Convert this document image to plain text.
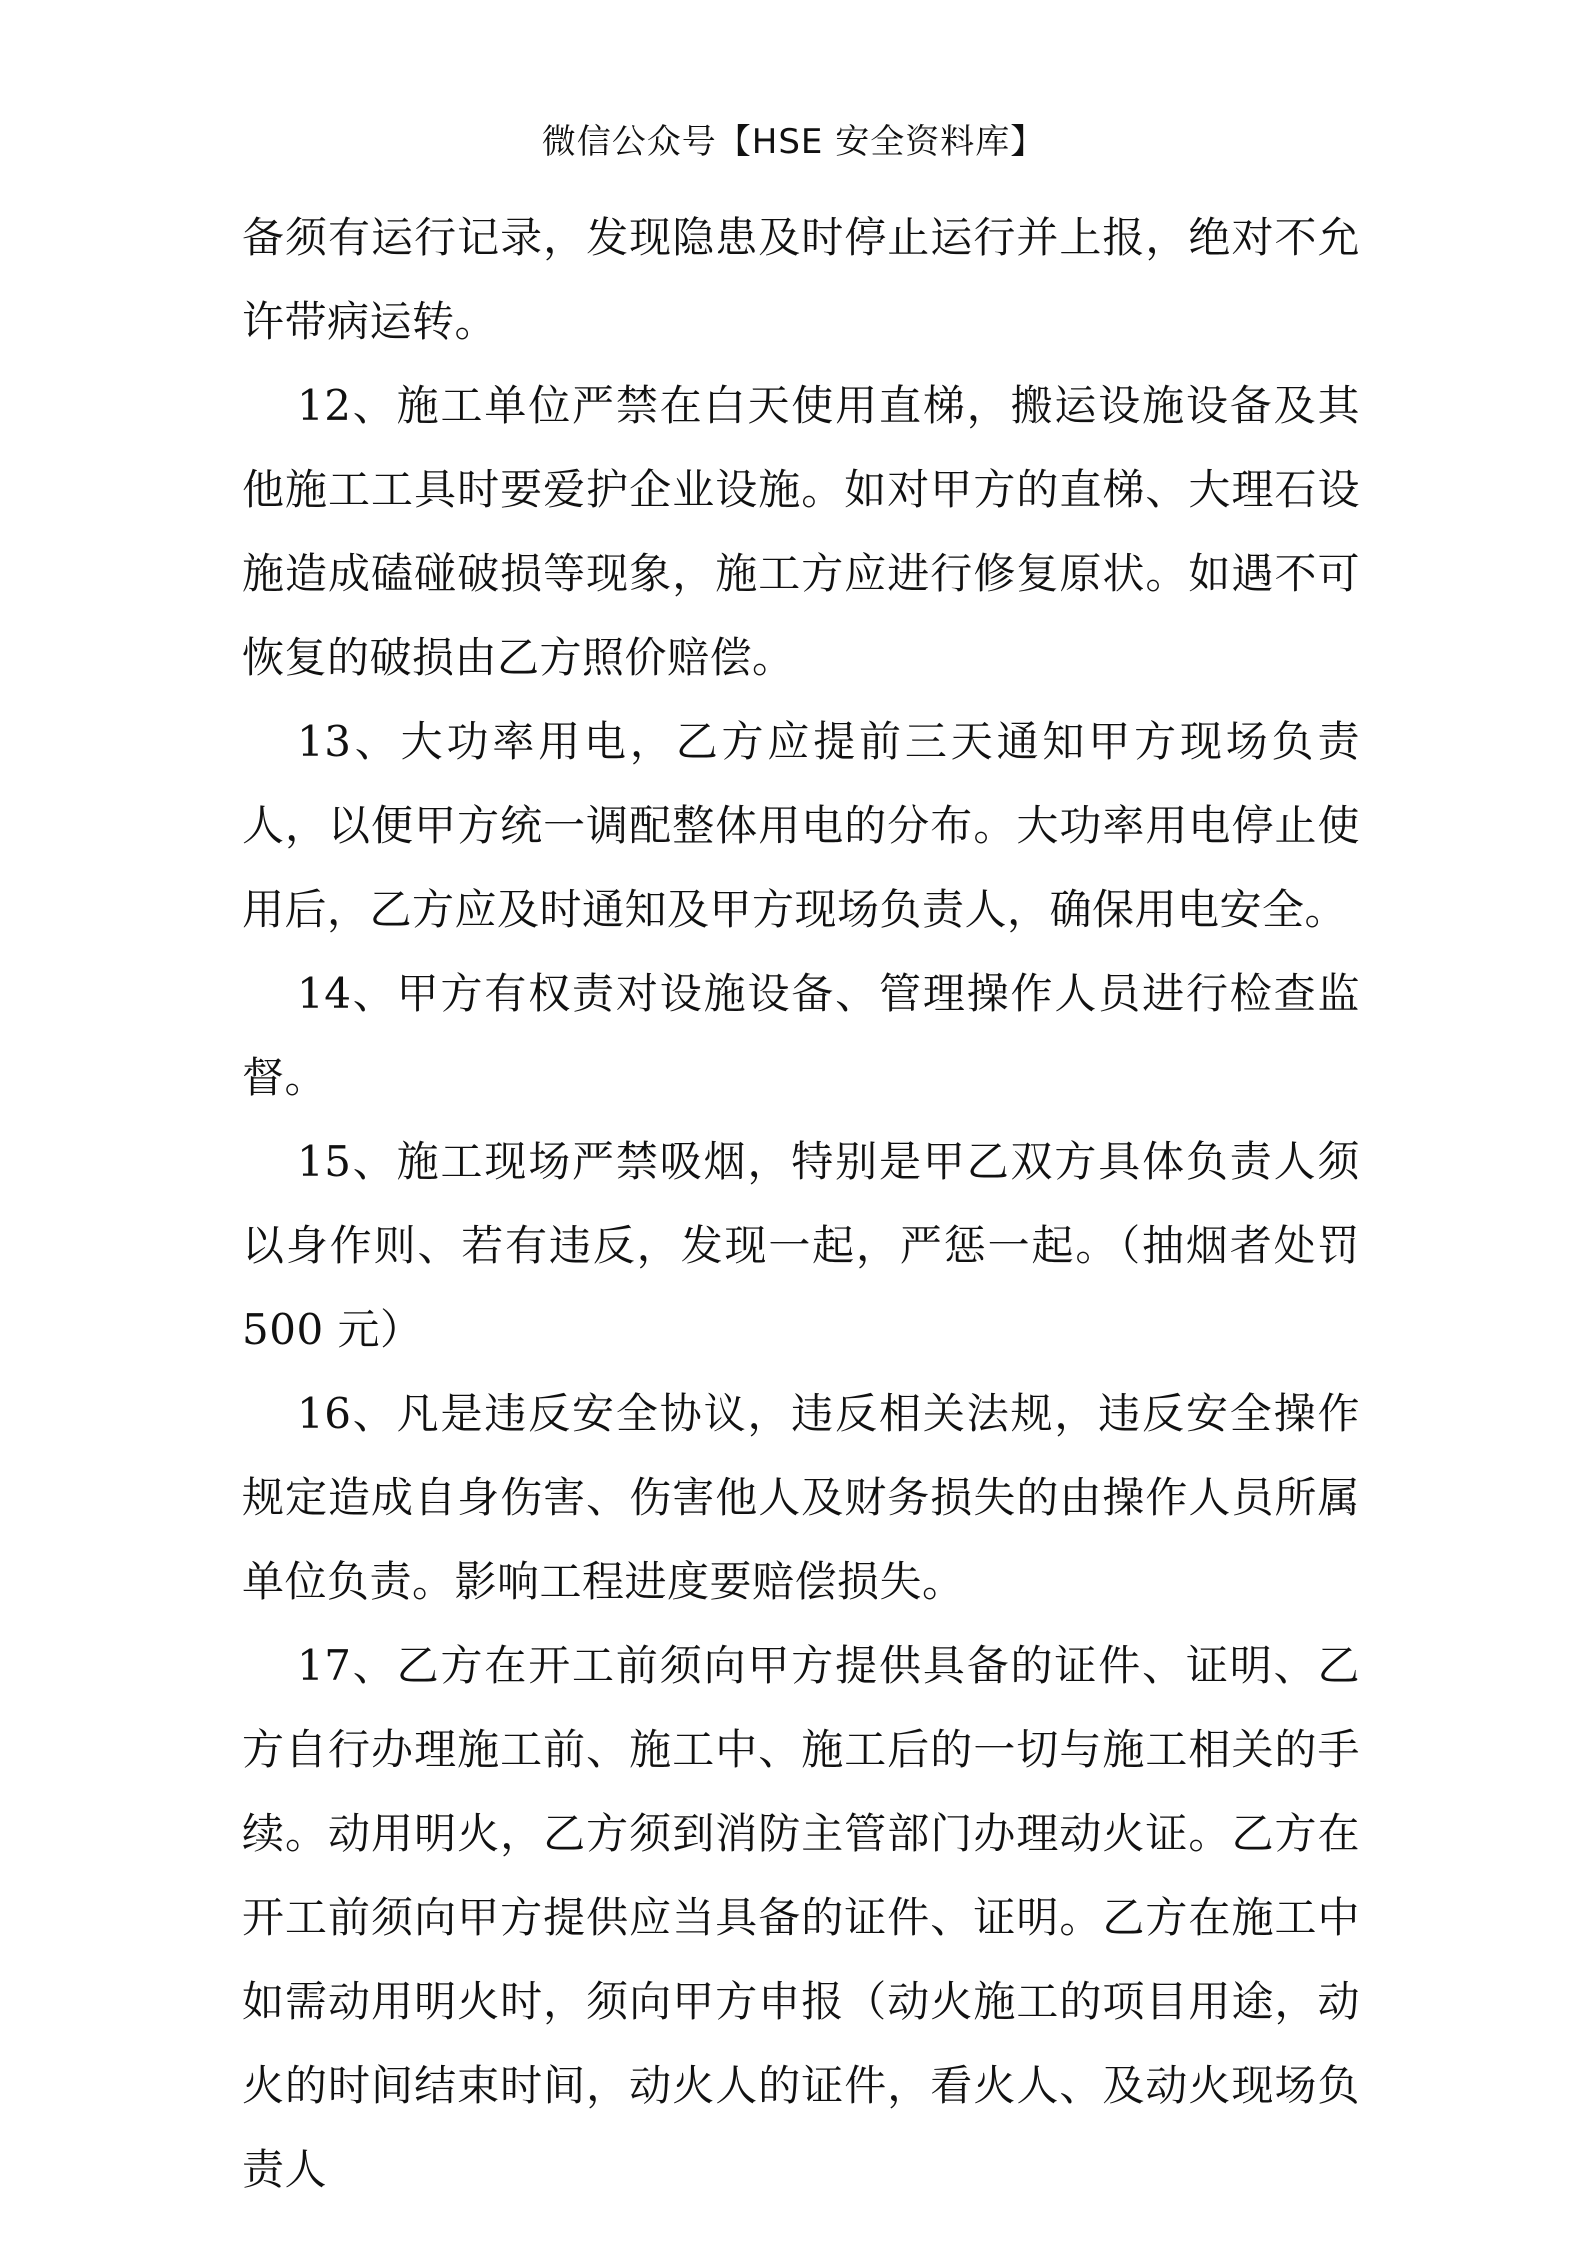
微信公众号【HSE 安全资料库】

备须有运行记录，发现隐患及时停止运行并上报，绝对不允许带病运转。

12、施工单位严禁在白天使用直梯，搬运设施设备及其他施工工具时要爱护企业设施。如对甲方的直梯、大理石设施造成磕碰破损等现象，施工方应进行修复原状。如遇不可恢复的破损由乙方照价赔偿。

13、大功率用电，乙方应提前三天通知甲方现场负责人，以便甲方统一调配整体用电的分布。大功率用电停止使用后，乙方应及时通知及甲方现场负责人，确保用电安全。

14、甲方有权责对设施设备、管理操作人员进行检查监督。

15、施工现场严禁吸烟，特别是甲乙双方具体负责人须以身作则、若有违反，发现一起，严惩一起。（抽烟者处罚 500 元）

16、凡是违反安全协议，违反相关法规，违反安全操作规定造成自身伤害、伤害他人及财务损失的由操作人员所属单位负责。影响工程进度要赔偿损失。

17、乙方在开工前须向甲方提供具备的证件、证明、乙方自行办理施工前、施工中、施工后的一切与施工相关的手续。动用明火，乙方须到消防主管部门办理动火证。乙方在开工前须向甲方提供应当具备的证件、证明。乙方在施工中如需动用明火时，须向甲方申报（动火施工的项目用途，动火的时间结束时间，动火人的证件，看火人、及动火现场负责人
